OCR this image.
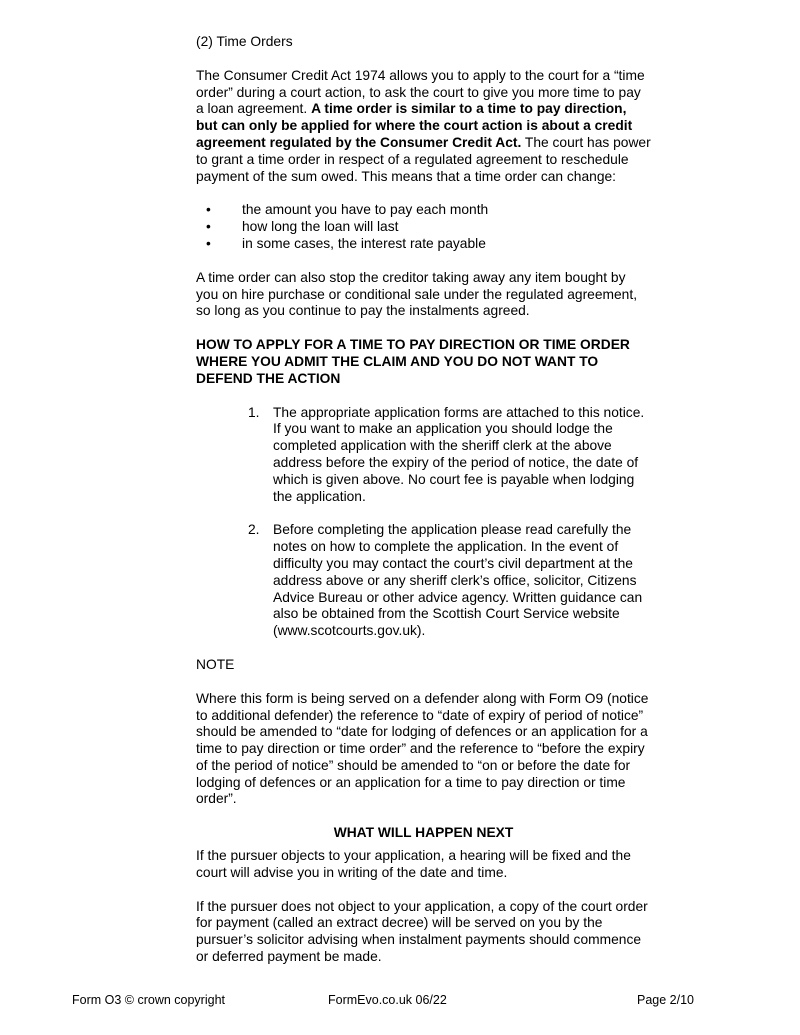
(2) Time Orders

The Consumer Credit Act 1974 allows you to apply to the court for a “time order” during a court action, to ask the court to give you more time to pay a loan agreement. A time order is similar to a time to pay direction, but can only be applied for where the court action is about a credit agreement regulated by the Consumer Credit Act. The court has power to grant a time order in respect of a regulated agreement to reschedule payment of the sum owed. This means that a time order can change:

• the amount you have to pay each month
• how long the loan will last
• in some cases, the interest rate payable

A time order can also stop the creditor taking away any item bought by you on hire purchase or conditional sale under the regulated agreement, so long as you continue to pay the instalments agreed.

HOW TO APPLY FOR A TIME TO PAY DIRECTION OR TIME ORDER WHERE YOU ADMIT THE CLAIM AND YOU DO NOT WANT TO DEFEND THE ACTION

1. The appropriate application forms are attached to this notice. If you want to make an application you should lodge the completed application with the sheriff clerk at the above address before the expiry of the period of notice, the date of which is given above. No court fee is payable when lodging the application.
2. Before completing the application please read carefully the notes on how to complete the application. In the event of difficulty you may contact the court’s civil department at the address above or any sheriff clerk’s office, solicitor, Citizens Advice Bureau or other advice agency. Written guidance can also be obtained from the Scottish Court Service website (www.scotcourts.gov.uk).

NOTE

Where this form is being served on a defender along with Form O9 (notice to additional defender) the reference to “date of expiry of period of notice” should be amended to “date for lodging of defences or an application for a time to pay direction or time order” and the reference to “before the expiry of the period of notice” should be amended to “on or before the date for lodging of defences or an application for a time to pay direction or time order”.

WHAT WILL HAPPEN NEXT

If the pursuer objects to your application, a hearing will be fixed and the court will advise you in writing of the date and time.

If the pursuer does not object to your application, a copy of the court order for payment (called an extract decree) will be served on you by the pursuer’s solicitor advising when instalment payments should commence or deferred payment be made.

Form O3 © crown copyright	FormEvo.co.uk 06/22	Page 2/10
